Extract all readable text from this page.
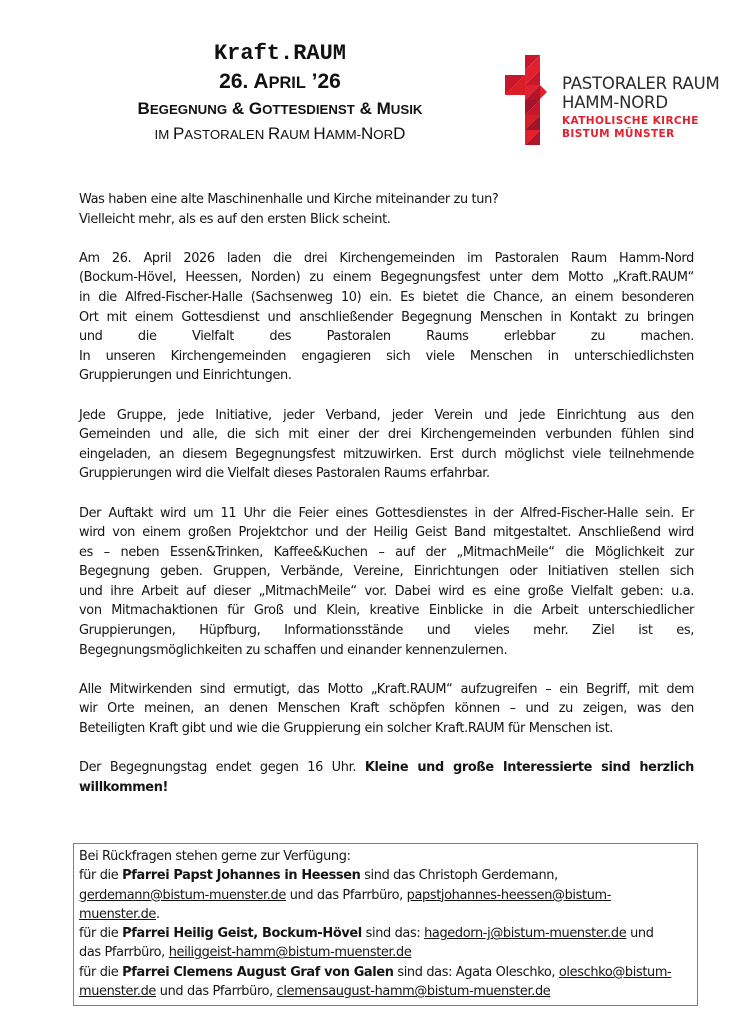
Kraft.RAUM
26. APRIL ’26
BEGEGNUNG & GOTTESDIENST & MUSIK
IM PASTORALEN RAUM HAMM-NORD
PASTORALER RAUM
HAMM-NORD
KATHOLISCHE KIRCHE
BISTUM MÜNSTER
Was haben eine alte Maschinenhalle und Kirche miteinander zu tun?
Vielleicht mehr, als es auf den ersten Blick scheint.
Am 26. April 2026 laden die drei Kirchengemeinden im Pastoralen Raum Hamm-Nord
(Bockum-Hövel, Heessen, Norden) zu einem Begegnungsfest unter dem Motto „Kraft.RAUM“
in die Alfred-Fischer-Halle (Sachsenweg 10) ein. Es bietet die Chance, an einem besonderen
Ort mit einem Gottesdienst und anschließender Begegnung Menschen in Kontakt zu bringen
und die Vielfalt des Pastoralen Raums erlebbar zu machen.
In unseren Kirchengemeinden engagieren sich viele Menschen in unterschiedlichsten
Gruppierungen und Einrichtungen.
Jede Gruppe, jede Initiative, jeder Verband, jeder Verein und jede Einrichtung aus den
Gemeinden und alle, die sich mit einer der drei Kirchengemeinden verbunden fühlen sind
eingeladen, an diesem Begegnungsfest mitzuwirken. Erst durch möglichst viele teilnehmende
Gruppierungen wird die Vielfalt dieses Pastoralen Raums erfahrbar.
Der Auftakt wird um 11 Uhr die Feier eines Gottesdienstes in der Alfred-Fischer-Halle sein. Er
wird von einem großen Projektchor und der Heilig Geist Band mitgestaltet. Anschließend wird
es – neben Essen&Trinken, Kaffee&Kuchen – auf der „MitmachMeile“ die Möglichkeit zur
Begegnung geben. Gruppen, Verbände, Vereine, Einrichtungen oder Initiativen stellen sich
und ihre Arbeit auf dieser „MitmachMeile“ vor. Dabei wird es eine große Vielfalt geben: u.a.
von Mitmachaktionen für Groß und Klein, kreative Einblicke in die Arbeit unterschiedlicher
Gruppierungen, Hüpfburg, Informationsstände und vieles mehr. Ziel ist es,
Begegnungsmöglichkeiten zu schaffen und einander kennenzulernen.
Alle Mitwirkenden sind ermutigt, das Motto „Kraft.RAUM“ aufzugreifen – ein Begriff, mit dem
wir Orte meinen, an denen Menschen Kraft schöpfen können – und zu zeigen, was den
Beteiligten Kraft gibt und wie die Gruppierung ein solcher Kraft.RAUM für Menschen ist.
Der Begegnungstag endet gegen 16 Uhr. Kleine und große Interessierte sind herzlich
willkommen!
Bei Rückfragen stehen gerne zur Verfügung:
für die Pfarrei Papst Johannes in Heessen sind das Christoph Gerdemann,
gerdemann@bistum-muenster.de und das Pfarrbüro, papstjohannes-heessen@bistum-
muenster.de.
für die Pfarrei Heilig Geist, Bockum-Hövel sind das: hagedorn-j@bistum-muenster.de und
das Pfarrbüro, heiliggeist-hamm@bistum-muenster.de
für die Pfarrei Clemens August Graf von Galen sind das: Agata Oleschko, oleschko@bistum-
muenster.de und das Pfarrbüro, clemensaugust-hamm@bistum-muenster.de
